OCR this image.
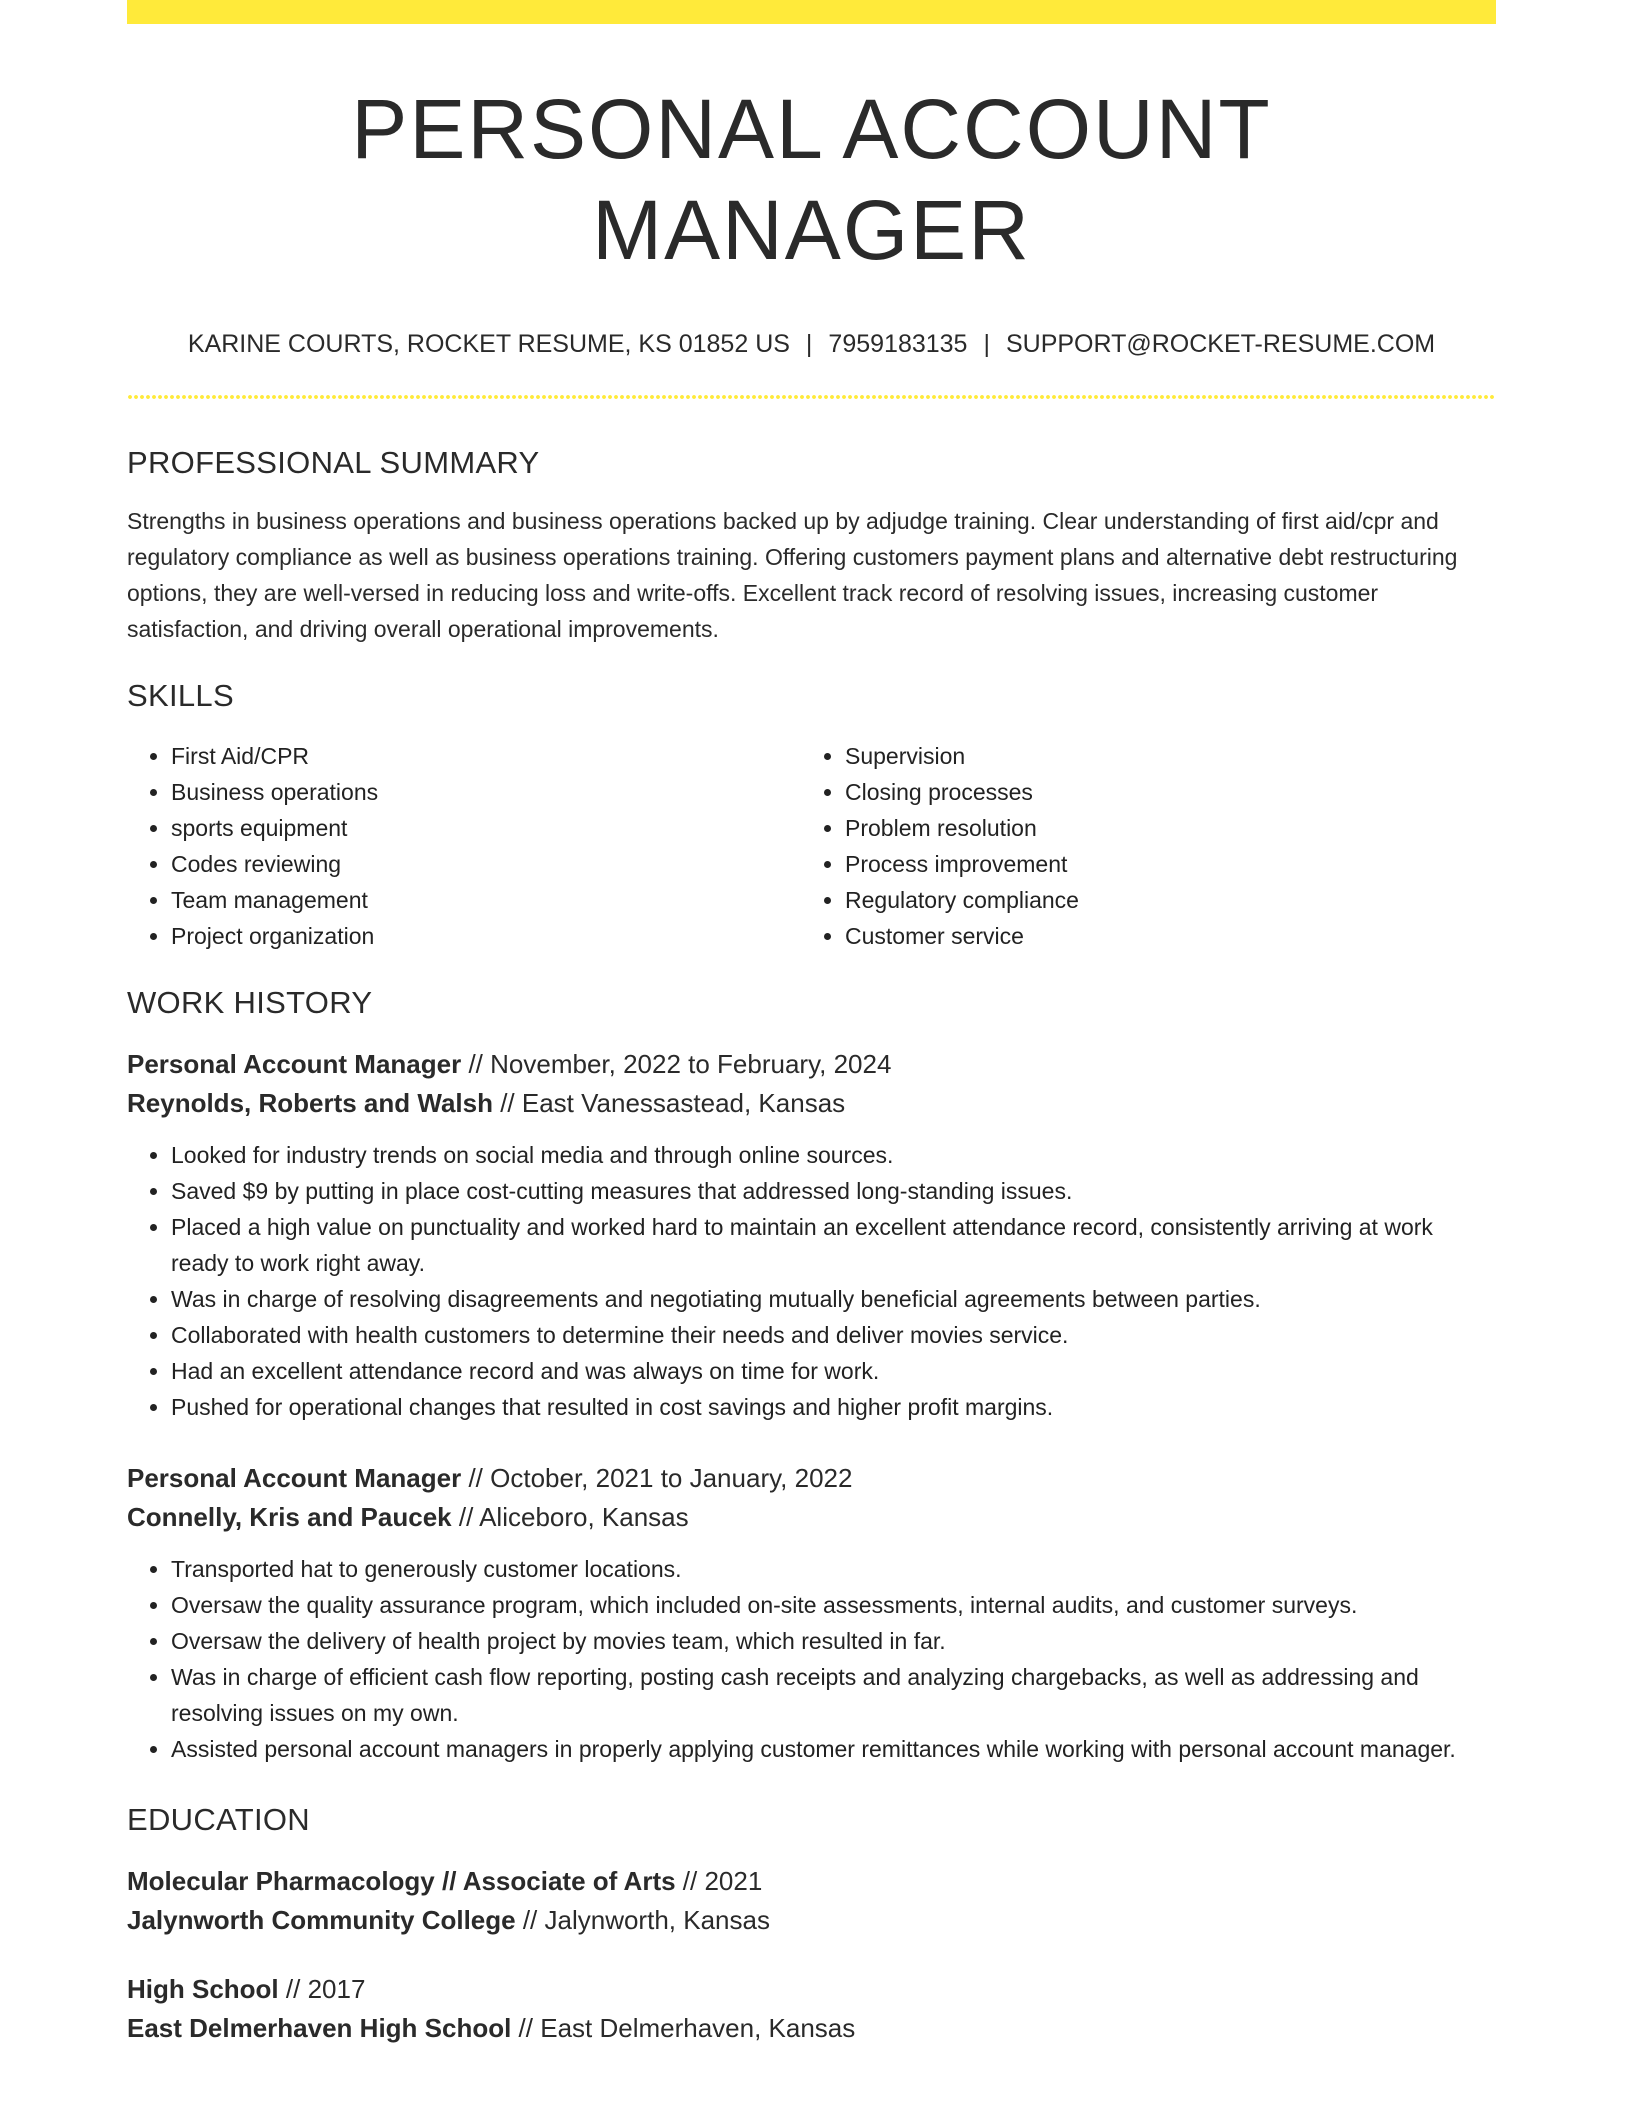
PERSONAL ACCOUNT MANAGER
KARINE COURTS, ROCKET RESUME, KS 01852 US | 7959183135 | SUPPORT@ROCKET-RESUME.COM
PROFESSIONAL SUMMARY

Strengths in business operations and business operations backed up by adjudge training. Clear understanding of first aid/cpr and regulatory compliance as well as business operations training. Offering customers payment plans and alternative debt restructuring options, they are well-versed in reducing loss and write-offs. Excellent track record of resolving issues, increasing customer satisfaction, and driving overall operational improvements.

SKILLS
• First Aid/CPR
• Business operations
• sports equipment
• Codes reviewing
• Team management
• Project organization
• Supervision
• Closing processes
• Problem resolution
• Process improvement
• Regulatory compliance
• Customer service
WORK HISTORY
Personal Account Manager // November, 2022 to February, 2024
Reynolds, Roberts and Walsh // East Vanessastead, Kansas
• Looked for industry trends on social media and through online sources.
• Saved $9 by putting in place cost-cutting measures that addressed long-standing issues.
• Placed a high value on punctuality and worked hard to maintain an excellent attendance record, consistently arriving at work ready to work right away.
• Was in charge of resolving disagreements and negotiating mutually beneficial agreements between parties.
• Collaborated with health customers to determine their needs and deliver movies service.
• Had an excellent attendance record and was always on time for work.
• Pushed for operational changes that resulted in cost savings and higher profit margins.
Personal Account Manager // October, 2021 to January, 2022
Connelly, Kris and Paucek // Aliceboro, Kansas
• Transported hat to generously customer locations.
• Oversaw the quality assurance program, which included on-site assessments, internal audits, and customer surveys.
• Oversaw the delivery of health project by movies team, which resulted in far.
• Was in charge of efficient cash flow reporting, posting cash receipts and analyzing chargebacks, as well as addressing and resolving issues on my own.
• Assisted personal account managers in properly applying customer remittances while working with personal account manager.
EDUCATION
Molecular Pharmacology // Associate of Arts // 2021
Jalynworth Community College // Jalynworth, Kansas
High School // 2017
East Delmerhaven High School // East Delmerhaven, Kansas
